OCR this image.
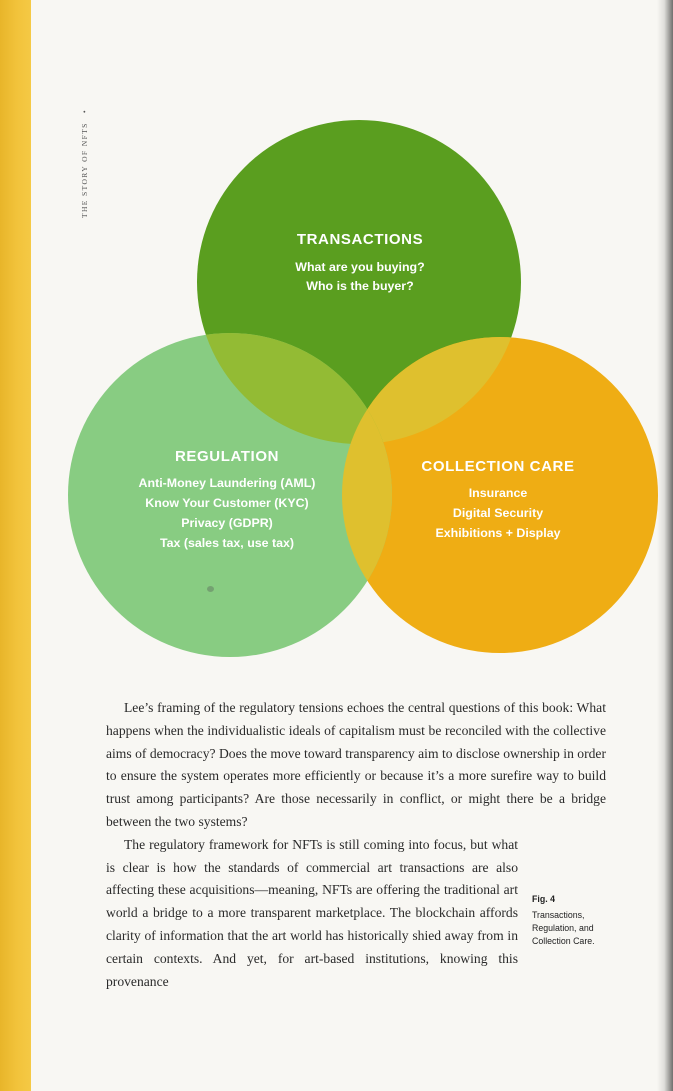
THE STORY OF NFTS •
TRANSACTIONS
What are you buying?
Who is the buyer?
REGULATION
Anti-Money Laundering (AML)
Know Your Customer (KYC)
Privacy (GDPR)
Tax (sales tax, use tax)
COLLECTION CARE
Insurance
Digital Security
Exhibitions + Display

Lee’s framing of the regulatory tensions echoes the central questions of this book: What happens when the individualistic ideals of capitalism must be reconciled with the collective aims of democracy? Does the move toward transparency aim to disclose ownership in order to ensure the system operates more efficiently or because it’s a more surefire way to build trust among participants? Are those necessarily in conflict, or might there be a bridge between the two systems?

The regulatory framework for NFTs is still coming into focus, but what is clear is how the standards of commercial art transactions are also affecting these acquisitions—meaning, NFTs are offering the traditional art world a bridge to a more transparent marketplace. The blockchain affords clarity of information that the art world has historically shied away from in certain contexts. And yet, for art-based institutions, knowing this provenance

Fig. 4
Transactions, Regulation, and Collection Care.
